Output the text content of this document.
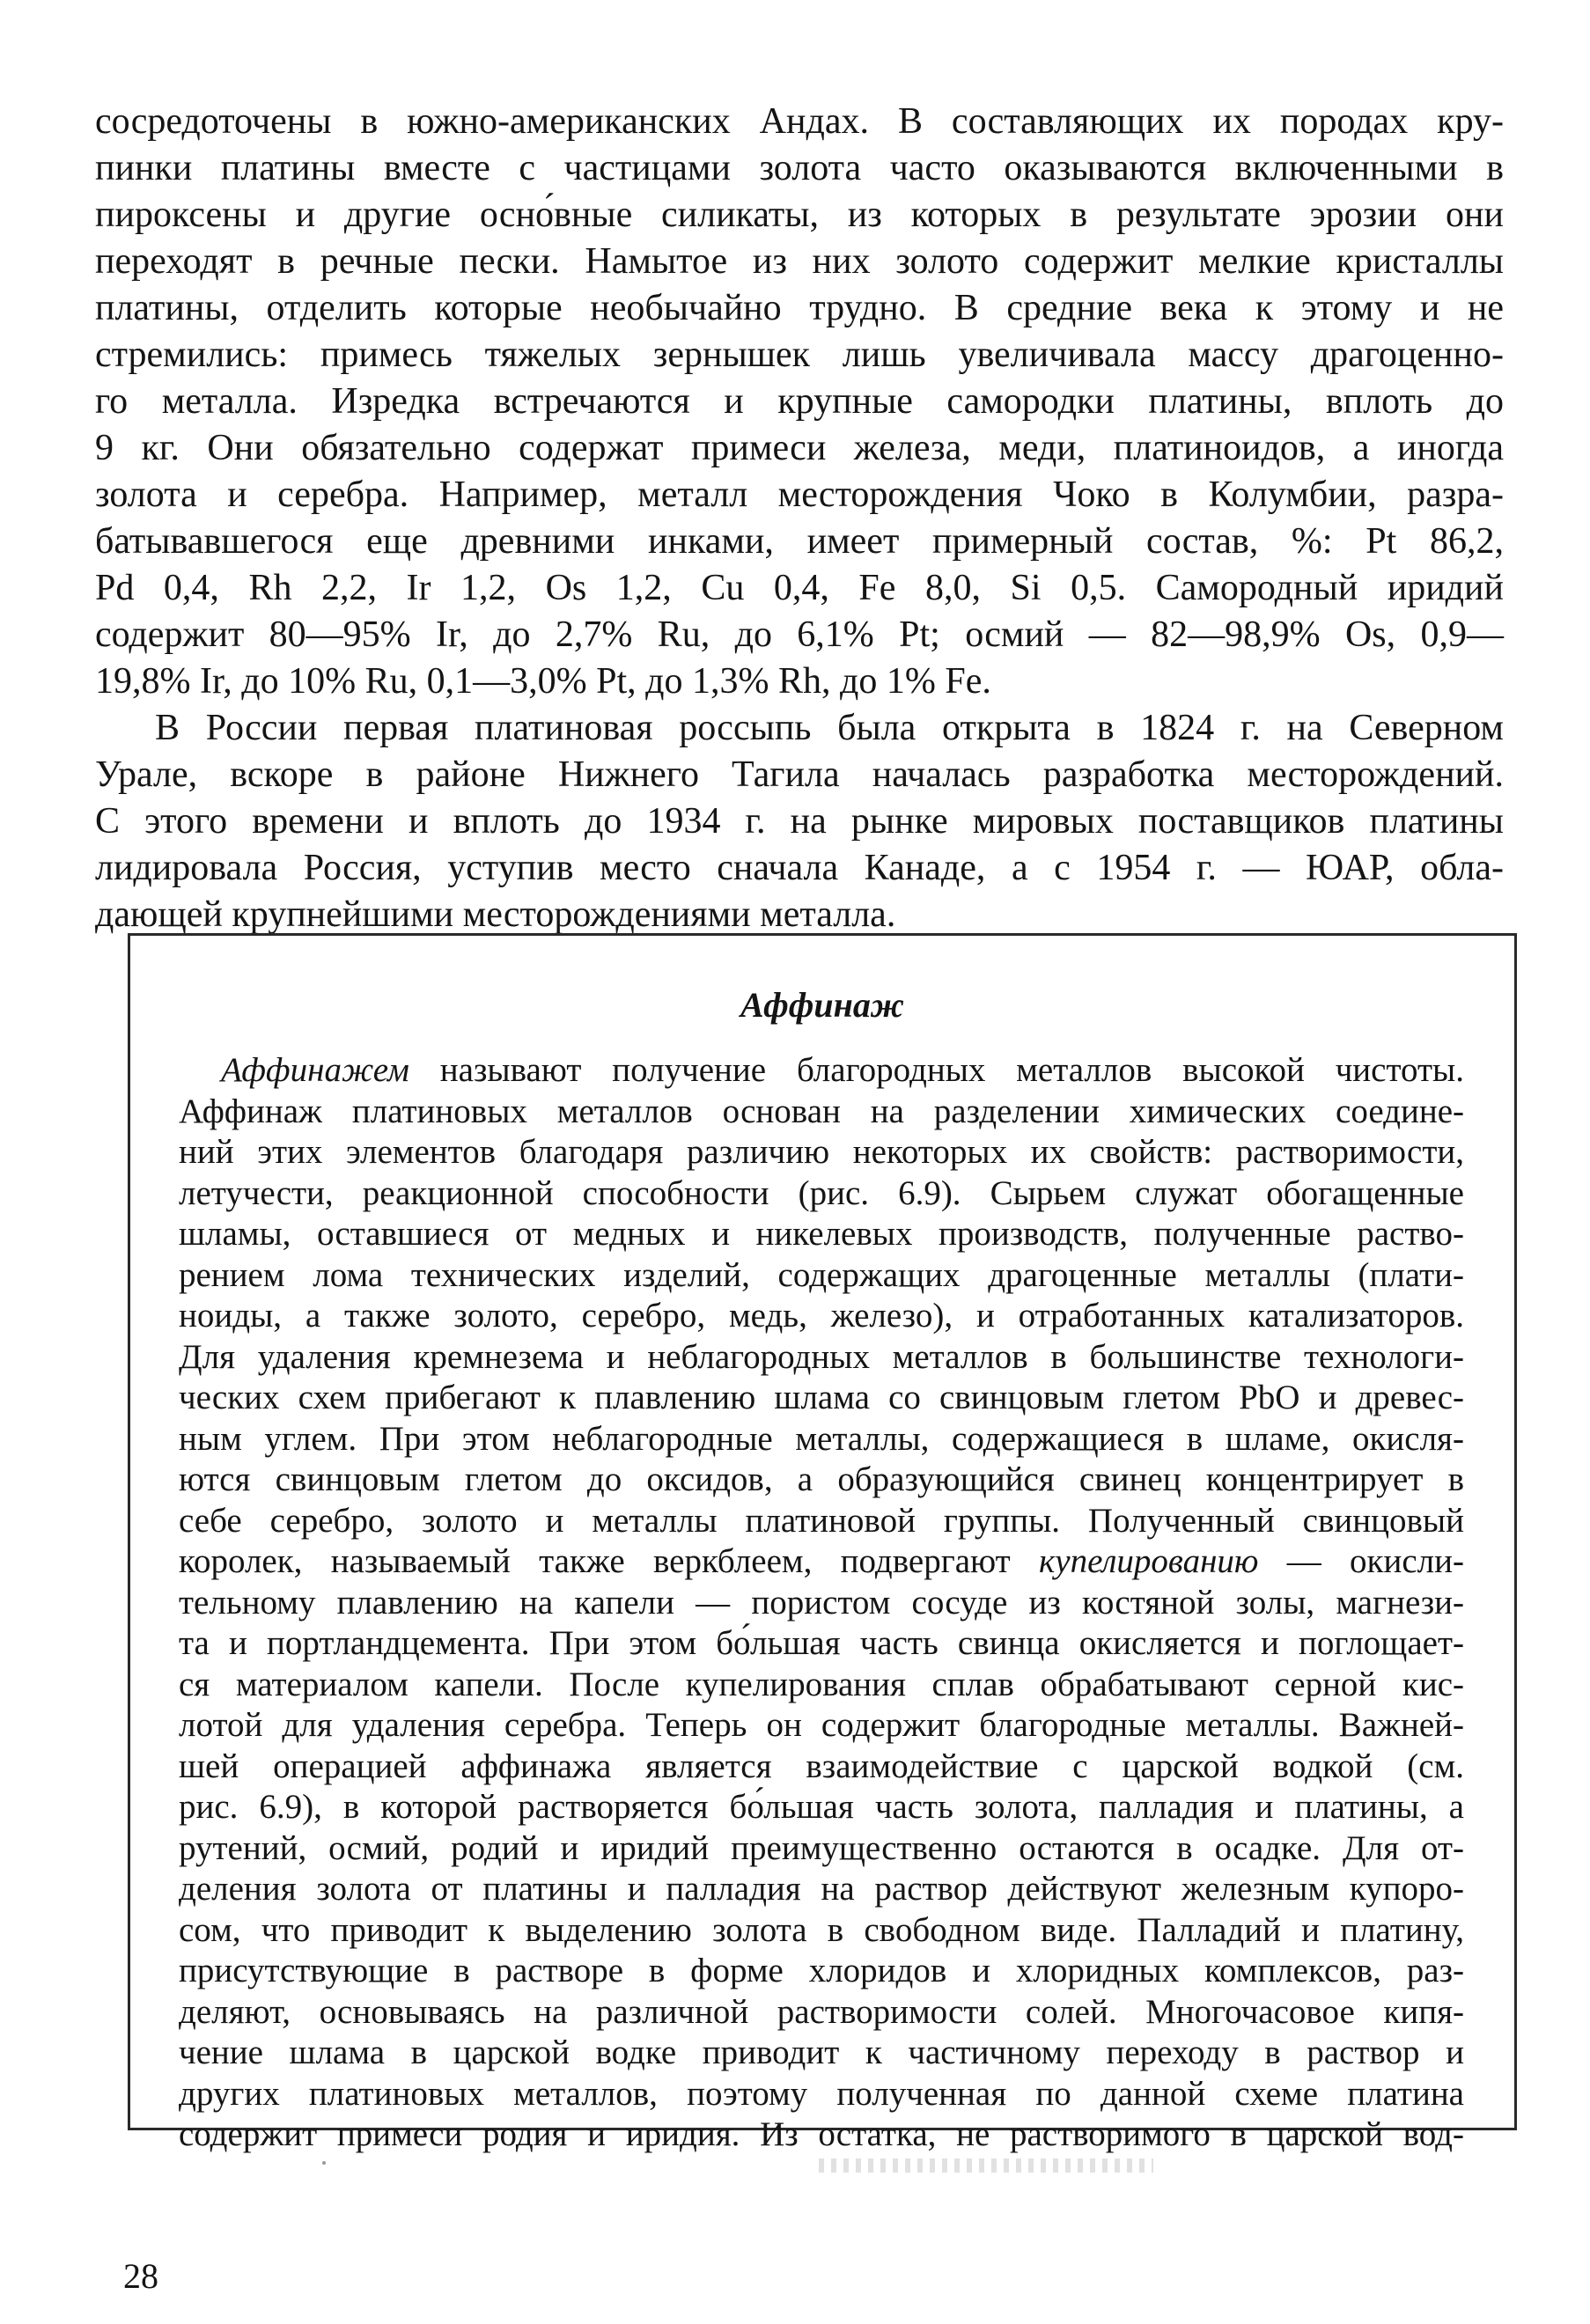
сосредоточены в южно-американских Андах. В составляющих их породах кру-
пинки платины вместе с частицами золота часто оказываются включенными в
пироксены и другие осно́вные силикаты, из которых в результате эрозии они
переходят в речные пески. Намытое из них золото содержит мелкие кристаллы
платины, отделить которые необычайно трудно. В средние века к этому и не
стремились: примесь тяжелых зернышек лишь увеличивала массу драгоценно-
го металла. Изредка встречаются и крупные самородки платины, вплоть до
9 кг. Они обязательно содержат примеси железа, меди, платиноидов, а иногда
золота и серебра. Например, металл месторождения Чоко в Колумбии, разра-
батывавшегося еще древними инками, имеет примерный состав, %: Pt 86,2,
Pd 0,4, Rh 2,2, Ir 1,2, Os 1,2, Cu 0,4, Fe 8,0, Si 0,5. Самородный иридий
содержит 80—95% Ir, до 2,7% Ru, до 6,1% Pt; осмий — 82—98,9% Os, 0,9—
19,8% Ir, до 10% Ru, 0,1—3,0% Pt, до 1,3% Rh, до 1% Fe.
В России первая платиновая россыпь была открыта в 1824 г. на Северном
Урале, вскоре в районе Нижнего Тагила началась разработка месторождений.
С этого времени и вплоть до 1934 г. на рынке мировых поставщиков платины
лидировала Россия, уступив место сначала Канаде, а с 1954 г. — ЮАР, обла-
дающей крупнейшими месторождениями металла.
Аффинаж
Аффинажем называют получение благородных металлов высокой чистоты.
Аффинаж платиновых металлов основан на разделении химических соедине-
ний этих элементов благодаря различию некоторых их свойств: растворимости,
летучести, реакционной способности (рис. 6.9). Сырьем служат обогащенные
шламы, оставшиеся от медных и никелевых производств, полученные раство-
рением лома технических изделий, содержащих драгоценные металлы (плати-
ноиды, а также золото, серебро, медь, железо), и отработанных катализаторов.
Для удаления кремнезема и неблагородных металлов в большинстве технологи-
ческих схем прибегают к плавлению шлама со свинцовым глетом PbO и древес-
ным углем. При этом неблагородные металлы, содержащиеся в шламе, окисля-
ются свинцовым глетом до оксидов, а образующийся свинец концентрирует в
себе серебро, золото и металлы платиновой группы. Полученный свинцовый
королек, называемый также веркблеем, подвергают купелированию — окисли-
тельному плавлению на капели — пористом сосуде из костяной золы, магнези-
та и портландцемента. При этом бо́льшая часть свинца окисляется и поглощает-
ся материалом капели. После купелирования сплав обрабатывают серной кис-
лотой для удаления серебра. Теперь он содержит благородные металлы. Важней-
шей операцией аффинажа является взаимодействие с царской водкой (см.
рис. 6.9), в которой растворяется бо́льшая часть золота, палладия и платины, а
рутений, осмий, родий и иридий преимущественно остаются в осадке. Для от-
деления золота от платины и палладия на раствор действуют железным купоро-
сом, что приводит к выделению золота в свободном виде. Палладий и платину,
присутствующие в растворе в форме хлоридов и хлоридных комплексов, раз-
деляют, основываясь на различной растворимости солей. Многочасовое кипя-
чение шлама в царской водке приводит к частичному переходу в раствор и
других платиновых металлов, поэтому полученная по данной схеме платина
содержит примеси родия и иридия. Из остатка, не растворимого в царской вод-
28
